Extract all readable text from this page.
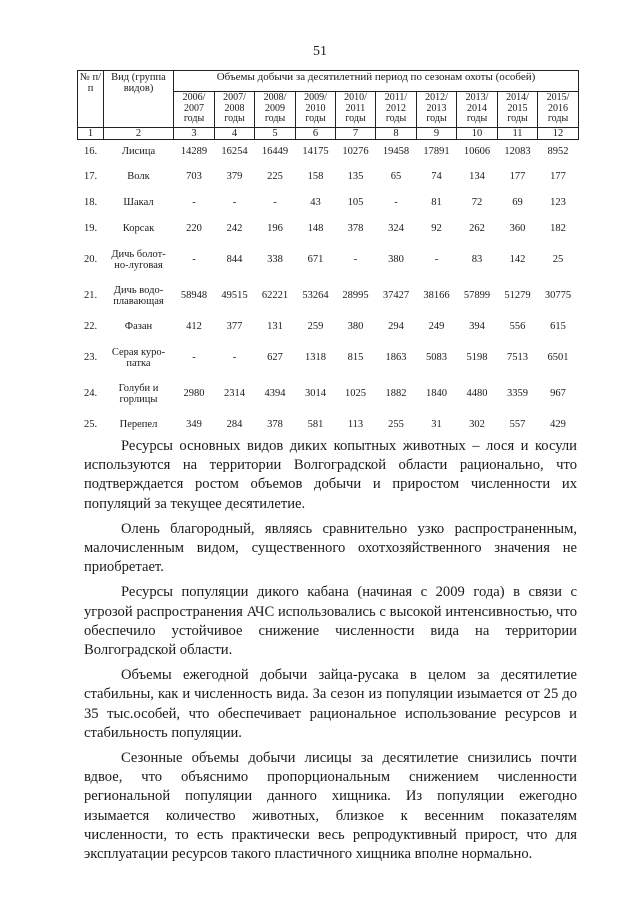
51
№ п/п	Вид (группа видов)	Объемы добычи за десятилетний период по сезонам охоты (особей)									
		2006/ 2007 годы	2007/ 2008 годы	2008/ 2009 годы	2009/ 2010 годы	2010/ 2011 годы	2011/ 2012 годы	2012/ 2013 годы	2013/ 2014 годы	2014/ 2015 годы	2015/ 2016 годы
1	2	3	4	5	6	7	8	9	10	11	12
16.	Лисица	14289	16254	16449	14175	10276	19458	17891	10606	12083	8952
17.	Волк	703	379	225	158	135	65	74	134	177	177
18.	Шакал	-	-	-	43	105	-	81	72	69	123
19.	Корсак	220	242	196	148	378	324	92	262	360	182
20.	Дичь болот-но-луговая	-	844	338	671	-	380	-	83	142	25
21.	Дичь водо-плавающая	58948	49515	62221	53264	28995	37427	38166	57899	51279	30775
22.	Фазан	412	377	131	259	380	294	249	394	556	615
23.	Серая куро-патка	-	-	627	1318	815	1863	5083	5198	7513	6501
24.	Голуби и горлицы	2980	2314	4394	3014	1025	1882	1840	4480	3359	967
25.	Перепел	349	284	378	581	113	255	31	302	557	429

Ресурсы основных видов диких копытных животных – лося и косули используются на территории Волгоградской области рационально, что подтверждается ростом объемов добычи и приростом численности их популяций за текущее десятилетие.

Олень благородный, являясь сравнительно узко распространенным, малочисленным видом, существенного охотхозяйственного значения не приобретает.

Ресурсы популяции дикого кабана (начиная с 2009 года) в связи с угрозой распространения АЧС использовались с высокой интенсивностью, что обеспечило устойчивое снижение численности вида на территории Волгоградской области.

Объемы ежегодной добычи зайца-русака в целом за десятилетие стабильны, как и численность вида. За сезон из популяции изымается от 25 до 35 тыс.особей, что обеспечивает рациональное использование ресурсов и стабильность популяции.

Сезонные объемы добычи лисицы за десятилетие снизились почти вдвое, что объяснимо пропорциональным снижением численности региональной популяции данного хищника. Из популяции ежегодно изымается количество животных, близкое к весенним показателям численности, то есть практически весь репродуктивный прирост, что для эксплуатации ресурсов такого пластичного хищника вполне нормально.
